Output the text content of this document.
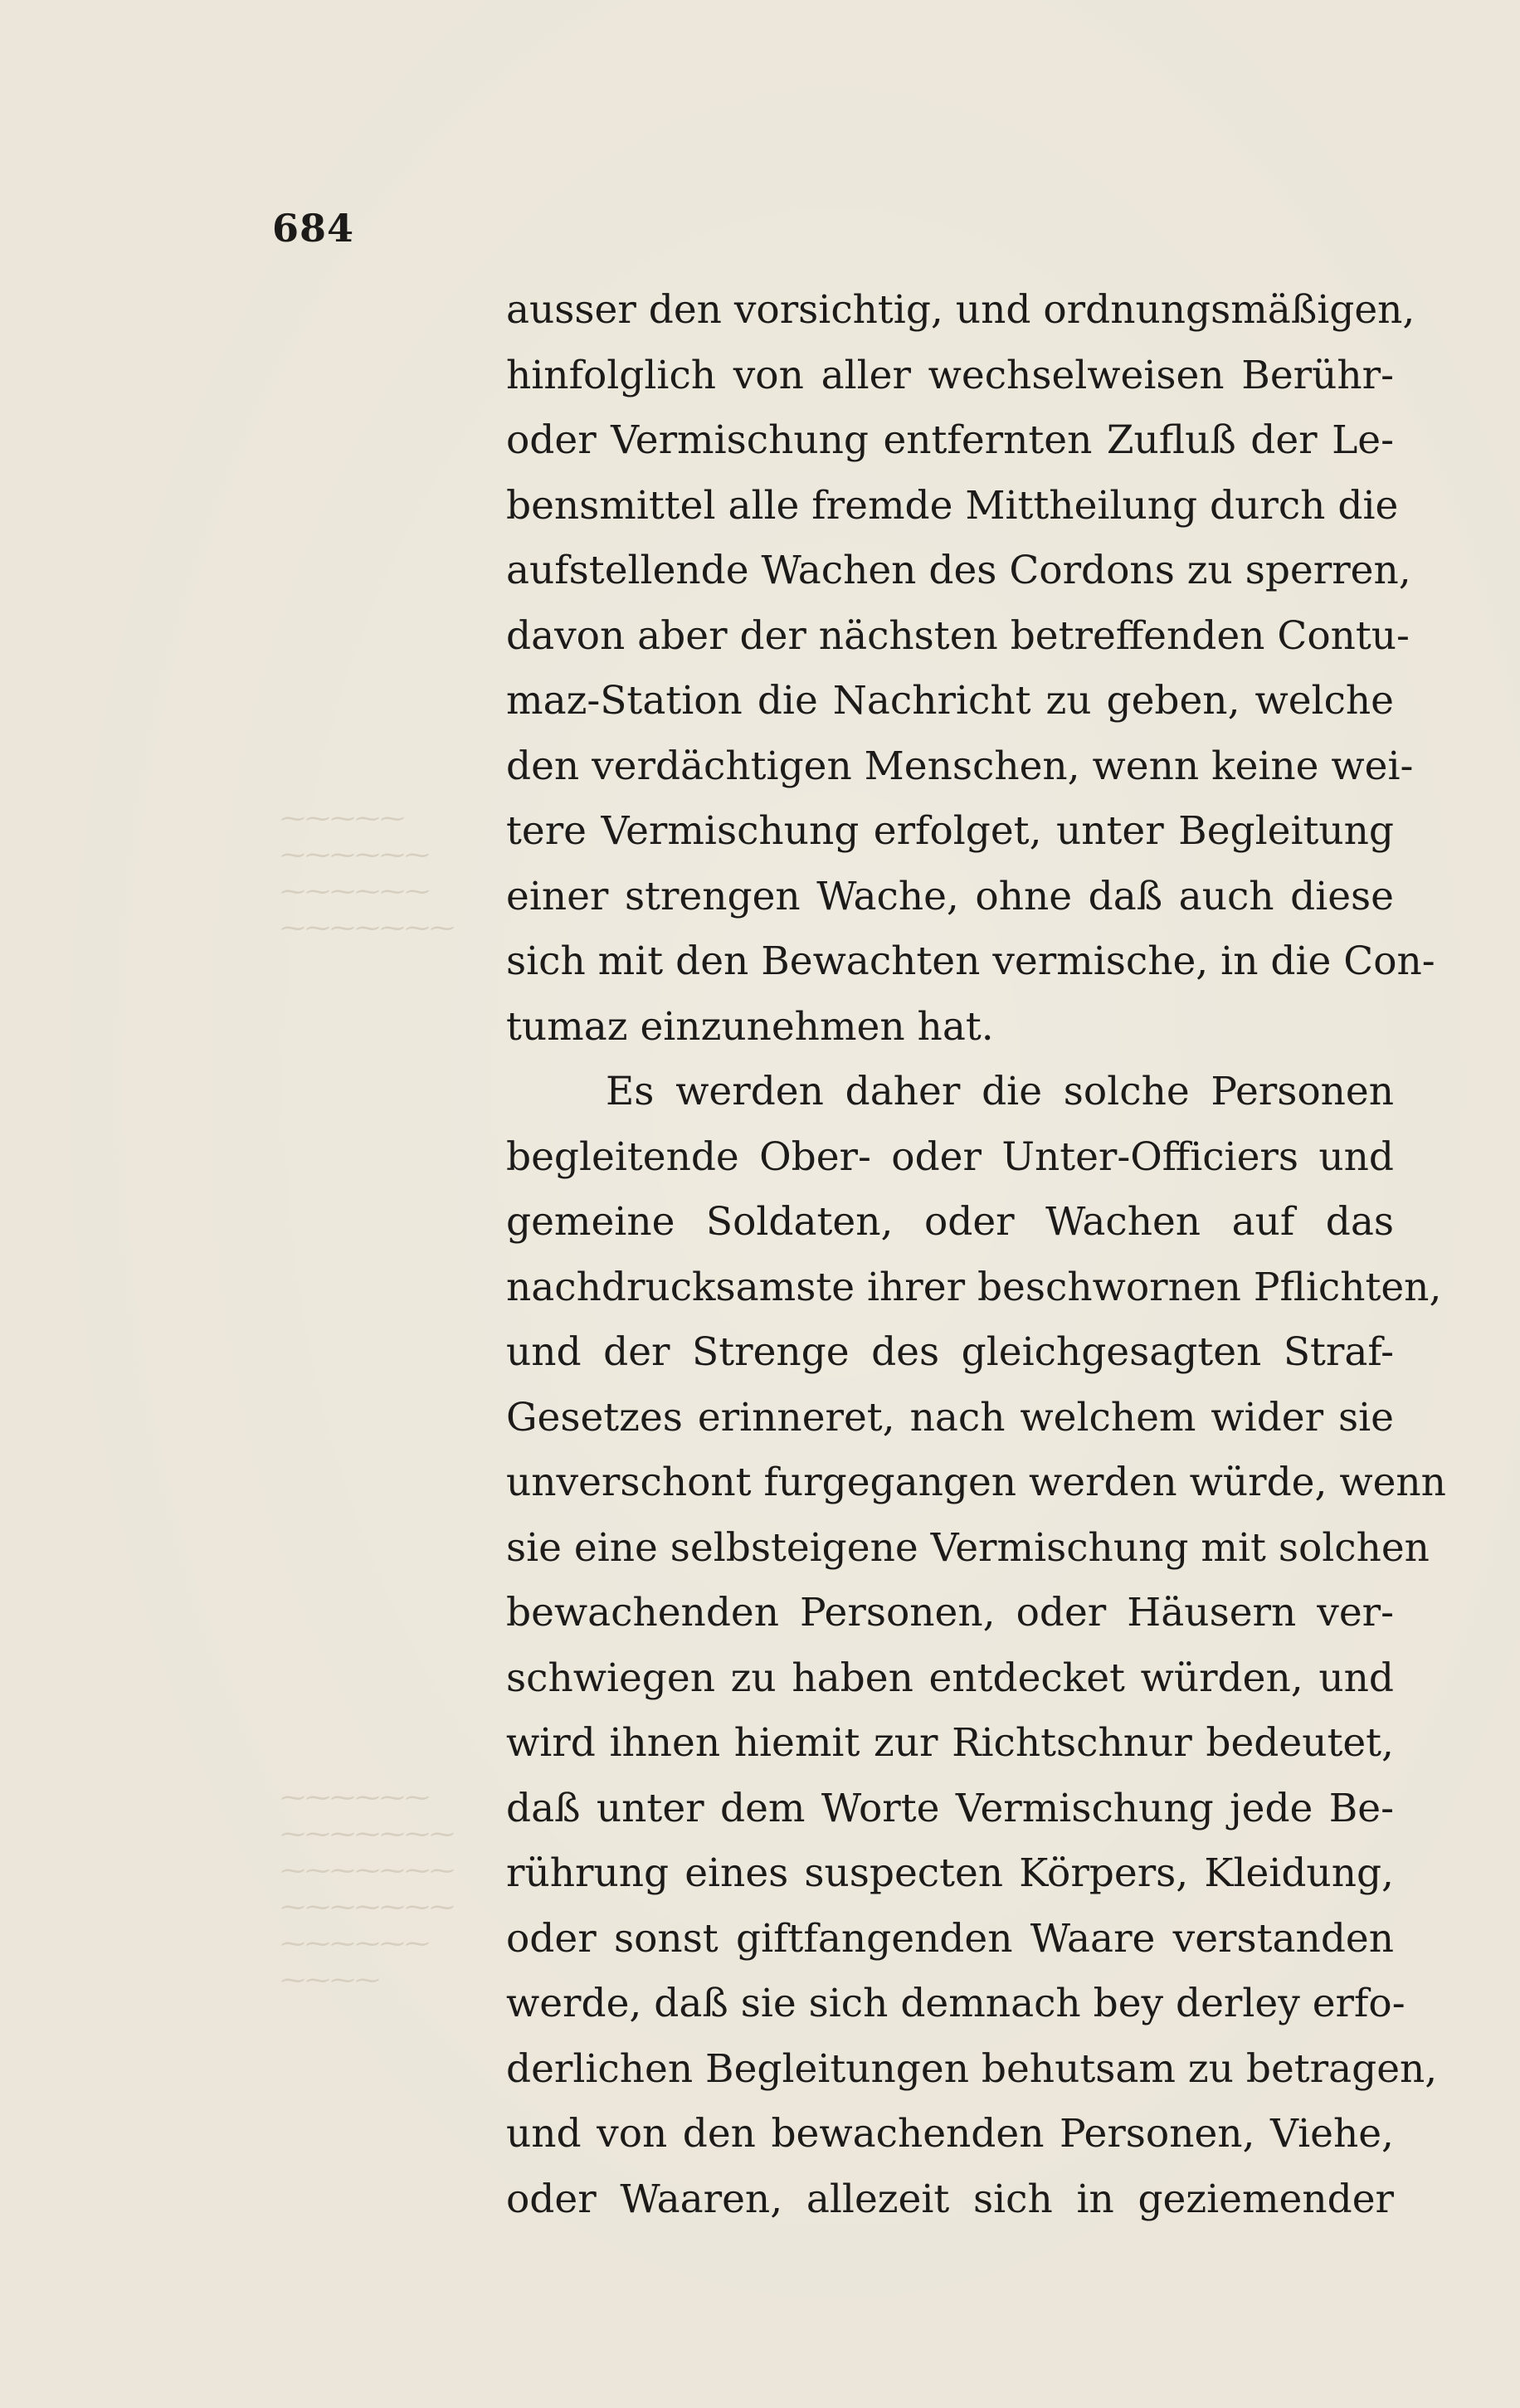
⁓⁓⁓⁓⁓
⁓⁓⁓⁓⁓⁓
⁓⁓⁓⁓⁓⁓
⁓⁓⁓⁓⁓⁓⁓
⁓⁓⁓⁓⁓⁓
⁓⁓⁓⁓⁓⁓⁓
⁓⁓⁓⁓⁓⁓⁓
⁓⁓⁓⁓⁓⁓⁓
⁓⁓⁓⁓⁓⁓
⁓⁓⁓⁓
684
ausser den vorsichtig, und ordnungsmäßigen,
hinfolglich von aller wechselweisen Berühr-
oder Vermischung entfernten Zufluß der Le-
bensmittel alle fremde Mittheilung durch die
aufstellende Wachen des Cordons zu sperren,
davon aber der nächsten betreffenden Contu-
maz-Station die Nachricht zu geben, welche
den verdächtigen Menschen, wenn keine wei-
tere Vermischung erfolget, unter Begleitung
einer strengen Wache, ohne daß auch diese
sich mit den Bewachten vermische, in die Con-
tumaz einzunehmen hat.
Es werden daher die solche Personen
begleitende Ober- oder Unter-Officiers und
gemeine Soldaten, oder Wachen auf das
nachdrucksamste ihrer beschwornen Pflichten,
und der Strenge des gleichgesagten Straf-
Gesetzes erinneret, nach welchem wider sie
unverschont furgegangen werden würde, wenn
sie eine selbsteigene Vermischung mit solchen
bewachenden Personen, oder Häusern ver-
schwiegen zu haben entdecket würden, und
wird ihnen hiemit zur Richtschnur bedeutet,
daß unter dem Worte Vermischung jede Be-
rührung eines suspecten Körpers, Kleidung,
oder sonst giftfangenden Waare verstanden
werde, daß sie sich demnach bey derley erfo-
derlichen Begleitungen behutsam zu betragen,
und von den bewachenden Personen, Viehe,
oder Waaren, allezeit sich in geziemender
